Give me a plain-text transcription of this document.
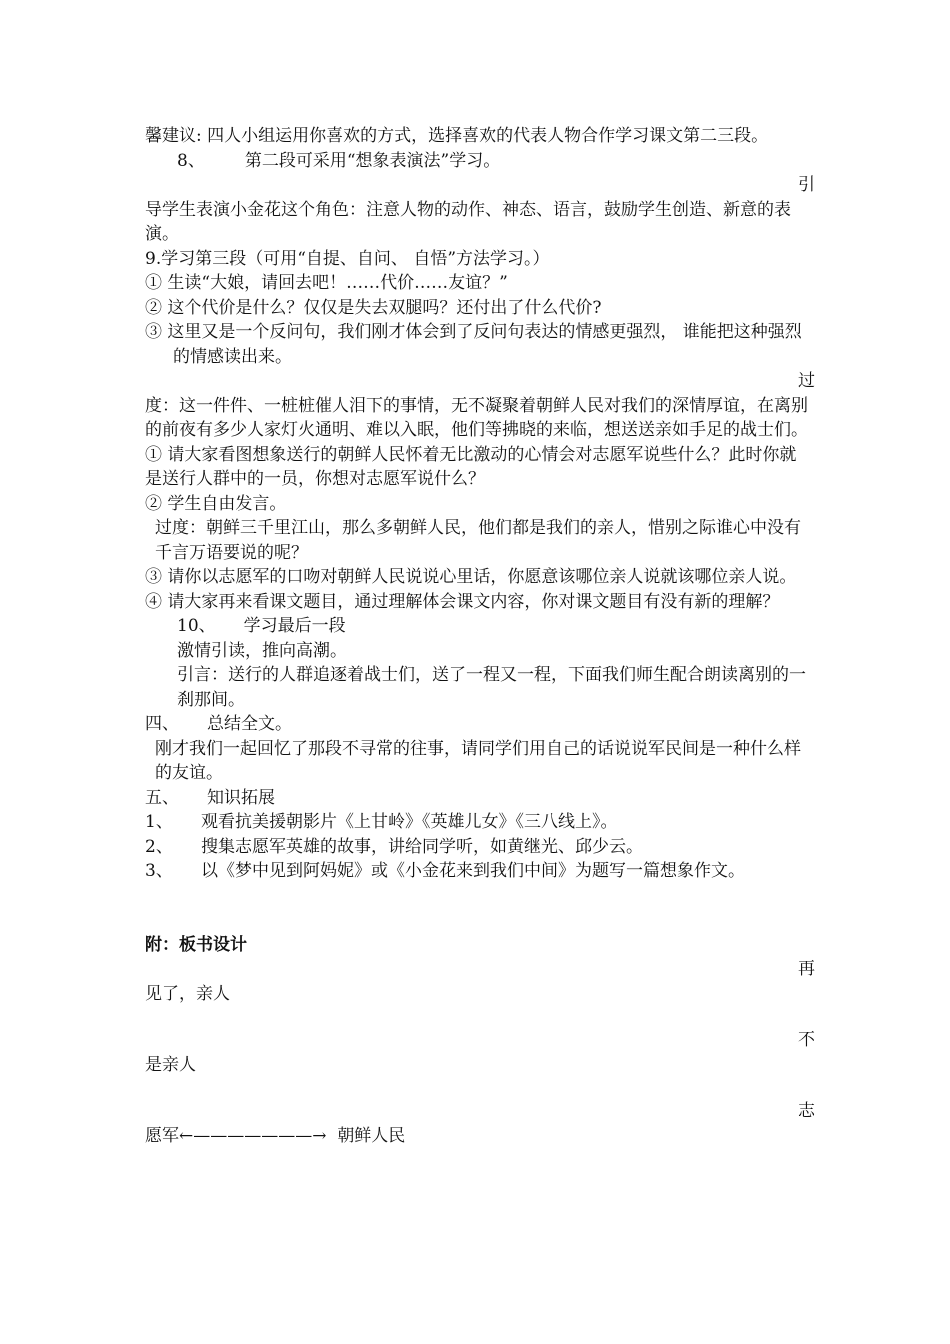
馨建议: 四人小组运用你喜欢的方式，选择喜欢的代表人物合作学习课文第二三段。

8、 第二段可采用“想象表演法”学习。

引

导学生表演小金花这个角色：注意人物的动作、神态、语言，鼓励学生创造、新意的表演。

9.学习第三段（可用“自提、自问、 自悟”方法学习。）

① 生读“大娘，请回去吧！……代价……友谊？”

② 这个代价是什么？仅仅是失去双腿吗？还付出了什么代价?

③ 这里又是一个反问句，我们刚才体会到了反问句表达的情感更强烈， 谁能把这种强烈的情感读出来。

过

度：这一件件、一桩桩催人泪下的事情，无不凝聚着朝鲜人民对我们的深情厚谊，在离别的前夜有多少人家灯火通明、难以入眠，他们等拂晓的来临，想送送亲如手足的战士们。

① 请大家看图想象送行的朝鲜人民怀着无比激动的心情会对志愿军说些什么？此时你就是送行人群中的一员，你想对志愿军说什么？

② 学生自由发言。

过度：朝鲜三千里江山，那么多朝鲜人民，他们都是我们的亲人，惜别之际谁心中没有千言万语要说的呢？

③ 请你以志愿军的口吻对朝鲜人民说说心里话，你愿意该哪位亲人说就该哪位亲人说。

④ 请大家再来看课文题目，通过理解体会课文内容，你对课文题目有没有新的理解？

10、 学习最后一段

激情引读，推向高潮。

引言：送行的人群追逐着战士们，送了一程又一程，下面我们师生配合朗读离别的一刹那间。

四、 总结全文。

刚才我们一起回忆了那段不寻常的往事，请同学们用自己的话说说军民间是一种什么样的友谊。

五、 知识拓展

1、 观看抗美援朝影片《上甘岭》《英雄儿女》《三八线上》。

2、 搜集志愿军英雄的故事，讲给同学听，如黄继光、邱少云。

3、 以《梦中见到阿妈妮》或《小金花来到我们中间》为题写一篇想象作文。

附：板书设计

再

见了，亲人

不

是亲人

志

愿军←———————→ 朝鲜人民
